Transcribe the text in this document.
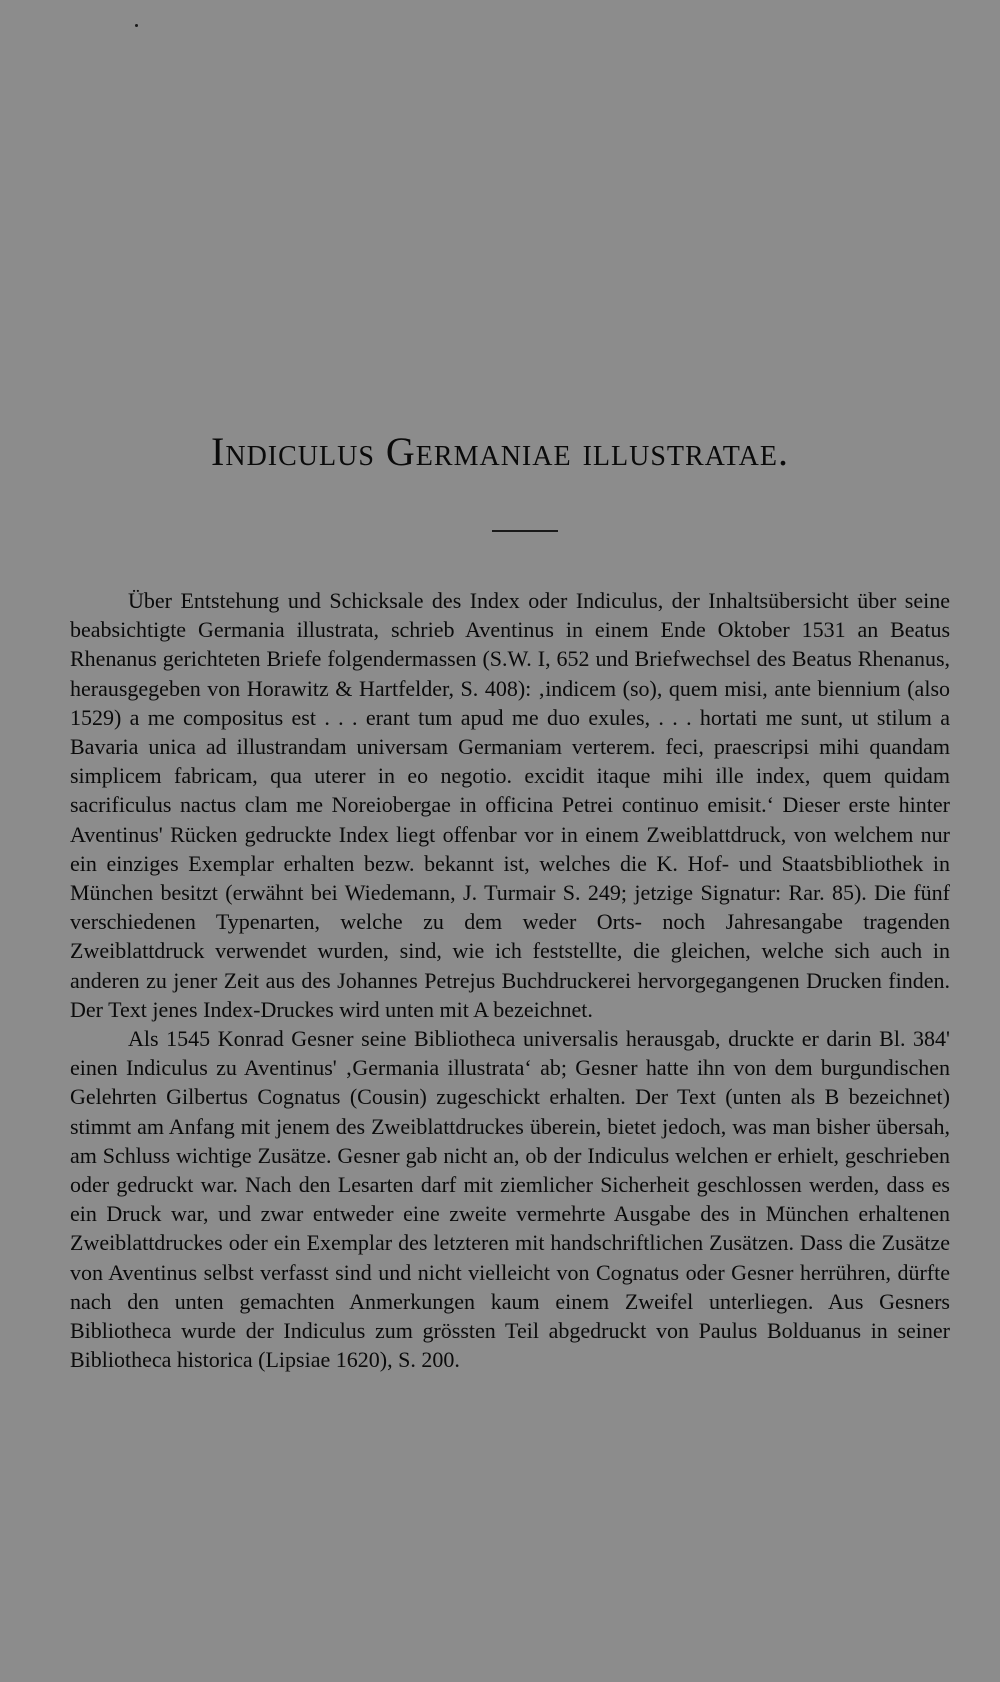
Indiculus Germaniae illustratae.

Über Entstehung und Schicksale des Index oder Indiculus, der Inhaltsübersicht über seine beabsichtigte Germania illustrata, schrieb Aventinus in einem Ende Oktober 1531 an Beatus Rhenanus gerichteten Briefe folgendermassen (S.W. I, 652 und Briefwechsel des Beatus Rhenanus, herausgegeben von Horawitz & Hartfelder, S. 408): ‚indicem (so), quem misi, ante biennium (also 1529) a me compositus est . . . erant tum apud me duo exules, . . . hortati me sunt, ut stilum a Bavaria unica ad illustrandam universam Germaniam verterem. feci, praescripsi mihi quandam simplicem fabricam, qua uterer in eo negotio. excidit itaque mihi ille index, quem quidam sacrificulus nactus clam me Noreiobergae in officina Petrei continuo emisit.‘ Dieser erste hinter Aventinus' Rücken gedruckte Index liegt offenbar vor in einem Zweiblattdruck, von welchem nur ein einziges Exemplar erhalten bezw. bekannt ist, welches die K. Hof- und Staatsbibliothek in München besitzt (erwähnt bei Wiedemann, J. Turmair S. 249; jetzige Signatur: Rar. 85). Die fünf verschiedenen Typenarten, welche zu dem weder Orts- noch Jahresangabe tragenden Zweiblattdruck verwendet wurden, sind, wie ich feststellte, die gleichen, welche sich auch in anderen zu jener Zeit aus des Johannes Petrejus Buchdruckerei hervorgegangenen Drucken finden. Der Text jenes Index-Druckes wird unten mit A bezeichnet.

Als 1545 Konrad Gesner seine Bibliotheca universalis herausgab, druckte er darin Bl. 384' einen Indiculus zu Aventinus' ‚Germania illustrata‘ ab; Gesner hatte ihn von dem burgundischen Gelehrten Gilbertus Cognatus (Cousin) zugeschickt erhalten. Der Text (unten als B bezeichnet) stimmt am Anfang mit jenem des Zweiblattdruckes überein, bietet jedoch, was man bisher übersah, am Schluss wichtige Zusätze. Gesner gab nicht an, ob der Indiculus welchen er erhielt, geschrieben oder gedruckt war. Nach den Lesarten darf mit ziemlicher Sicherheit geschlossen werden, dass es ein Druck war, und zwar entweder eine zweite vermehrte Ausgabe des in München erhaltenen Zweiblattdruckes oder ein Exemplar des letzteren mit handschriftlichen Zusätzen. Dass die Zusätze von Aventinus selbst verfasst sind und nicht vielleicht von Cognatus oder Gesner herrühren, dürfte nach den unten gemachten Anmerkungen kaum einem Zweifel unterliegen. Aus Gesners Bibliotheca wurde der Indiculus zum grössten Teil abgedruckt von Paulus Bolduanus in seiner Bibliotheca historica (Lipsiae 1620), S. 200.
